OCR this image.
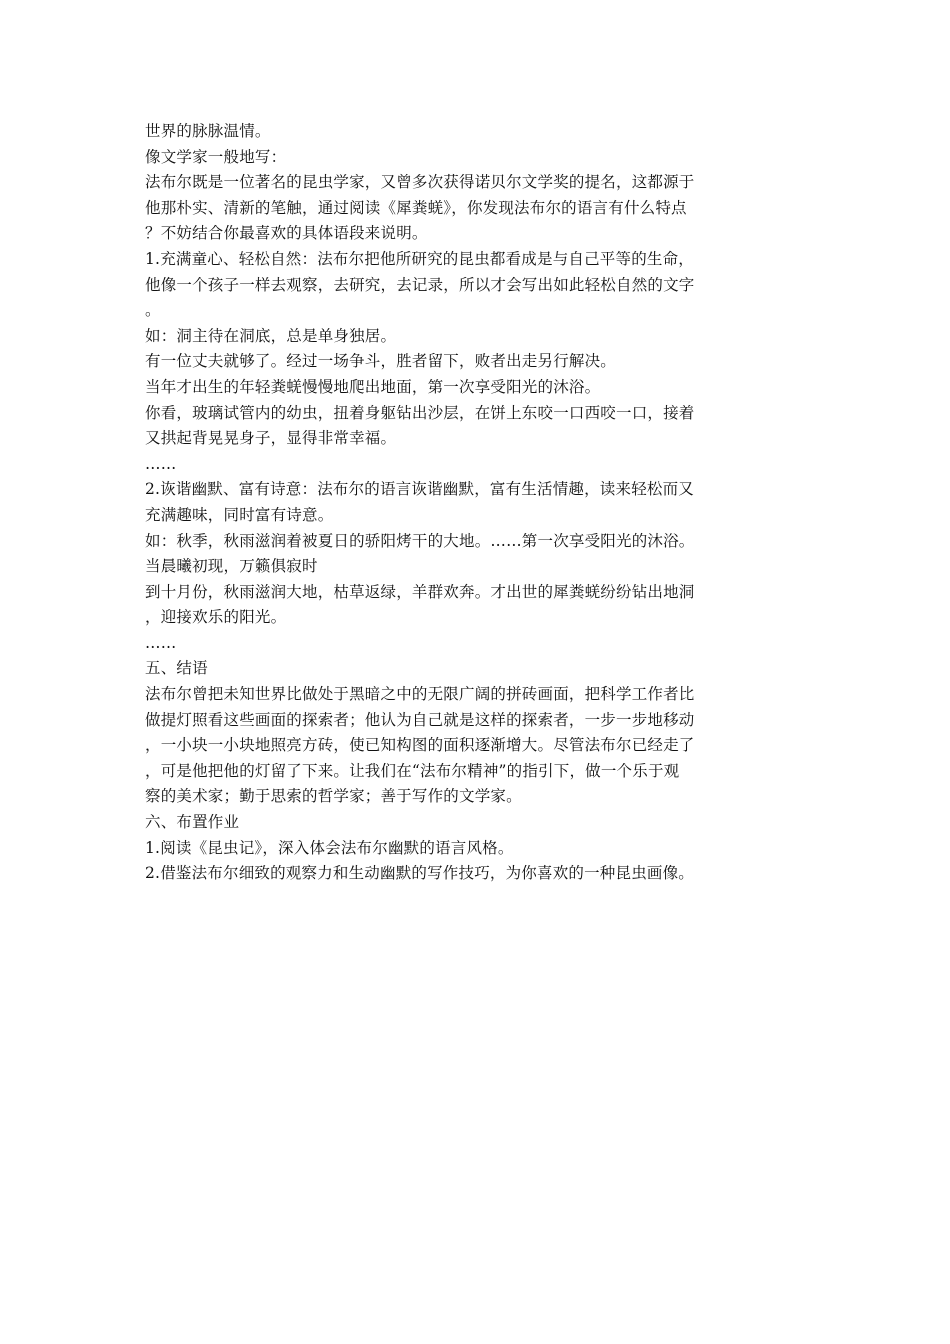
世界的脉脉温情。
像文学家一般地写：
法布尔既是一位著名的昆虫学家，又曾多次获得诺贝尔文学奖的提名，这都源于
他那朴实、清新的笔触，通过阅读《犀粪蜣》，你发现法布尔的语言有什么特点
？不妨结合你最喜欢的具体语段来说明。
1.充满童心、轻松自然：法布尔把他所研究的昆虫都看成是与自己平等的生命，
他像一个孩子一样去观察，去研究，去记录，所以才会写出如此轻松自然的文字
。
如：洞主待在洞底，总是单身独居。
有一位丈夫就够了。经过一场争斗，胜者留下，败者出走另行解决。
当年才出生的年轻粪蜣慢慢地爬出地面，第一次享受阳光的沐浴。
你看，玻璃试管内的幼虫，扭着身躯钻出沙层，在饼上东咬一口西咬一口，接着
又拱起背晃晃身子，显得非常幸福。
……
2.诙谐幽默、富有诗意：法布尔的语言诙谐幽默，富有生活情趣，读来轻松而又
充满趣味，同时富有诗意。
如：秋季，秋雨滋润着被夏日的骄阳烤干的大地。……第一次享受阳光的沐浴。
当晨曦初现，万籁俱寂时
到十月份，秋雨滋润大地，枯草返绿，羊群欢奔。才出世的犀粪蜣纷纷钻出地洞
，迎接欢乐的阳光。
……
五、结语
法布尔曾把未知世界比做处于黑暗之中的无限广阔的拼砖画面，把科学工作者比
做提灯照看这些画面的探索者；他认为自己就是这样的探索者，一步一步地移动
，一小块一小块地照亮方砖，使已知构图的面积逐渐增大。尽管法布尔已经走了
，可是他把他的灯留了下来。让我们在“法布尔精神”的指引下，做一个乐于观
察的美术家；勤于思索的哲学家；善于写作的文学家。
六、布置作业
1.阅读《昆虫记》，深入体会法布尔幽默的语言风格。
2.借鉴法布尔细致的观察力和生动幽默的写作技巧，为你喜欢的一种昆虫画像。
